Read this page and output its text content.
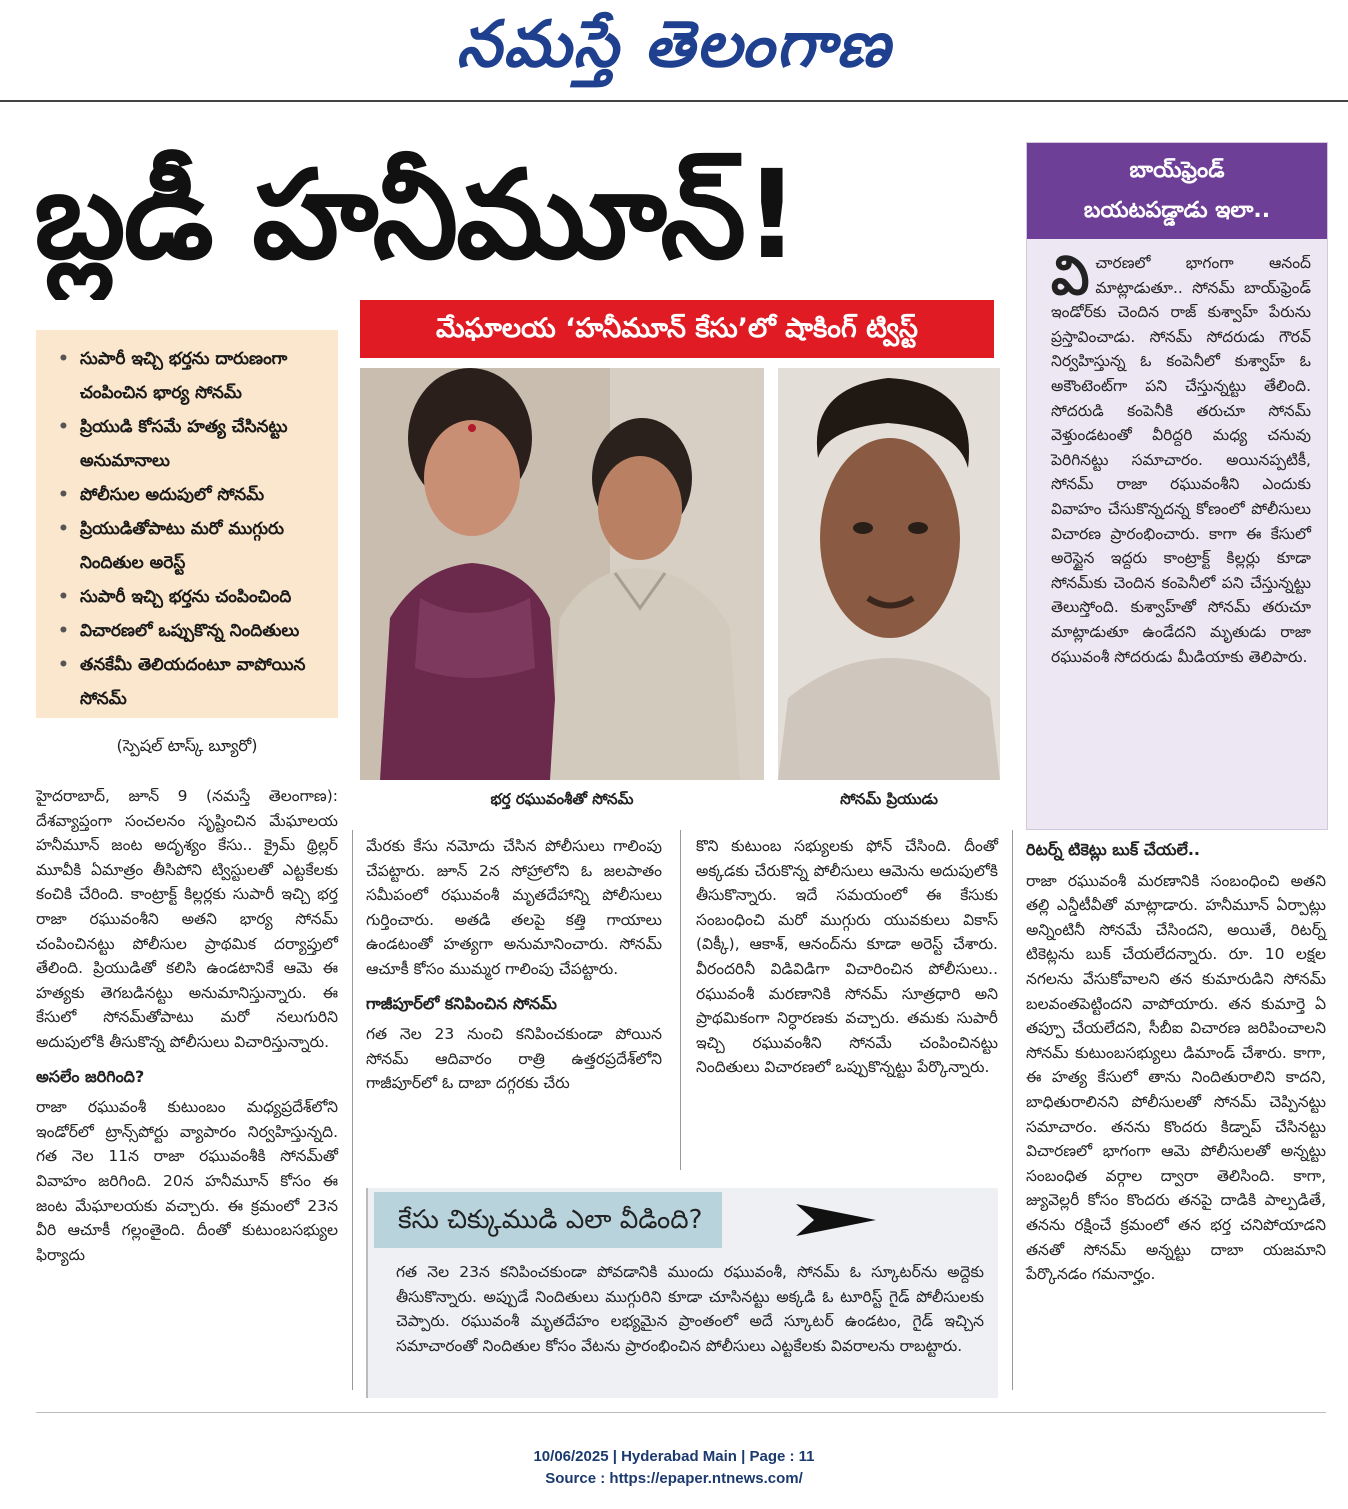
నమస్తే తెలంగాణ
బ్లడీ హనీమూన్!
మేఘాలయ ‘హనీమూన్ కేసు’లో షాకింగ్ ట్విస్ట్
• సుపారీ ఇచ్చి భర్తను దారుణంగా చంపించిన భార్య సోనమ్
• ప్రియుడి కోసమే హత్య చేసినట్టు అనుమానాలు
• పోలీసుల అదుపులో సోనమ్
• ప్రియుడితోపాటు మరో ముగ్గురు నిందితుల అరెస్ట్
• సుపారీ ఇచ్చి భర్తను చంపించింది
• విచారణలో ఒప్పుకొన్న నిందితులు
• తనకేమీ తెలియదంటూ వాపోయిన సోనమ్
(స్పెషల్ టాస్క్ బ్యూరో)
భర్త రఘువంశీతో సోనమ్	సోనమ్ ప్రియుడు

హైదరాబాద్, జూన్ 9 (నమస్తే తెలంగాణ): దేశవ్యాప్తంగా సంచలనం సృష్టించిన మేఘాలయ హనీమూన్ జంట అదృశ్యం కేసు.. క్రైమ్ థ్రిల్లర్ మూవీకి ఏమాత్రం తీసిపోని ట్విస్టులతో ఎట్టకేలకు కంచికి చేరింది. కాంట్రాక్ట్ కిల్లర్లకు సుపారీ ఇచ్చి భర్త రాజా రఘువంశీని అతని భార్య సోనమ్ చంపించినట్టు పోలీసుల ప్రాథమిక దర్యాప్తులో తేలింది. ప్రియుడితో కలిసి ఉండటానికే ఆమె ఈ హత్యకు తెగబడినట్టు అనుమానిస్తున్నారు. ఈ కేసులో సోనమ్‌తోపాటు మరో నలుగురిని అదుపులోకి తీసుకొన్న పోలీసులు విచారిస్తున్నారు.

అసలేం జరిగింది?

రాజా రఘువంశీ కుటుంబం మధ్యప్రదేశ్‌లోని ఇండోర్‌లో ట్రాన్స్‌పోర్టు వ్యాపారం నిర్వహిస్తున్నది. గత నెల 11న రాజా రఘువంశీకి సోనమ్‌తో వివాహం జరిగింది. 20న హనీమూన్ కోసం ఈ జంట మేఘాలయకు వచ్చారు. ఈ క్రమంలో 23న వీరి ఆచూకీ గల్లంతైంది. దీంతో కుటుంబసభ్యుల ఫిర్యాదు

మేరకు కేసు నమోదు చేసిన పోలీసులు గాలింపు చేపట్టారు. జూన్ 2న సోహ్రాలోని ఓ జలపాతం సమీపంలో రఘువంశీ మృతదేహాన్ని పోలీసులు గుర్తించారు. అతడి తలపై కత్తి గాయాలు ఉండటంతో హత్యగా అనుమానించారు. సోనమ్ ఆచూకీ కోసం ముమ్మర గాలింపు చేపట్టారు.

గాజీపూర్‌లో కనిపించిన సోనమ్

గత నెల 23 నుంచి కనిపించకుండా పోయిన సోనమ్ ఆదివారం రాత్రి ఉత్తరప్రదేశ్‌లోని గాజీపూర్‌లో ఓ దాబా దగ్గరకు చేరు

కొని కుటుంబ సభ్యులకు ఫోన్ చేసింది. దీంతో అక్కడకు చేరుకొన్న పోలీసులు ఆమెను అదుపులోకి తీసుకొన్నారు. ఇదే సమయంలో ఈ కేసుకు సంబంధించి మరో ముగ్గురు యువకులు వికాస్ (విక్కీ), ఆకాశ్, ఆనంద్‌ను కూడా అరెస్ట్ చేశారు. వీరందరినీ విడివిడిగా విచారించిన పోలీసులు.. రఘువంశీ మరణానికి సోనమ్ సూత్రధారి అని ప్రాథమికంగా నిర్ధారణకు వచ్చారు. తమకు సుపారీ ఇచ్చి రఘువంశీని సోనమే చంపించినట్టు నిందితులు విచారణలో ఒప్పుకొన్నట్టు పేర్కొన్నారు.

బాయ్‌ఫ్రెండ్
బయటపడ్డాడు ఇలా..
వి చారణలో భాగంగా ఆనంద్ మాట్లాడుతూ.. సోనమ్ బాయ్‌ఫ్రెండ్ ఇండోర్‌కు చెందిన రాజ్ కుశ్వాహ్ పేరును ప్రస్తావించాడు. సోనమ్ సోదరుడు గౌరవ్ నిర్వహిస్తున్న ఓ కంపెనీలో కుశ్వాహ్ ఓ అకౌంటెంట్‌గా పని చేస్తున్నట్టు తేలింది. సోదరుడి కంపెనీకి తరుచూ సోనమ్ వెళ్తుండటంతో వీరిద్దరి మధ్య చనువు పెరిగినట్టు సమాచారం. అయినప్పటికీ, సోనమ్ రాజా రఘువంశీని ఎందుకు వివాహం చేసుకొన్నదన్న కోణంలో పోలీసులు విచారణ ప్రారంభించారు. కాగా ఈ కేసులో అరెస్టైన ఇద్దరు కాంట్రాక్ట్ కిల్లర్లు కూడా సోనమ్‌కు చెందిన కంపెనీలో పని చేస్తున్నట్టు తెలుస్తోంది. కుశ్వాహ్‌తో సోనమ్ తరుచూ మాట్లాడుతూ ఉండేదని మృతుడు రాజా రఘువంశీ సోదరుడు మీడియాకు తెలిపారు.
రిటర్న్ టికెట్లు బుక్ చేయలే..

రాజా రఘువంశీ మరణానికి సంబంధించి అతని తల్లి ఎన్డీటీవీతో మాట్లాడారు. హనీమూన్ ఏర్పాట్లు అన్నింటినీ సోనమే చేసిందని, అయితే, రిటర్న్ టికెట్లను బుక్ చేయలేదన్నారు. రూ. 10 లక్షల నగలను వేసుకోవాలని తన కుమారుడిని సోనమ్ బలవంతపెట్టిందని వాపోయారు. తన కుమార్తె ఏ తప్పూ చేయలేదని, సీబీఐ విచారణ జరిపించాలని సోనమ్ కుటుంబసభ్యులు డిమాండ్ చేశారు. కాగా, ఈ హత్య కేసులో తాను నిందితురాలిని కాదని, బాధితురాలినని పోలీసులతో సోనమ్ చెప్పినట్టు సమాచారం. తనను కొందరు కిడ్నాప్ చేసినట్టు విచారణలో భాగంగా ఆమె పోలీసులతో అన్నట్టు సంబంధిత వర్గాల ద్వారా తెలిసింది. కాగా, జ్యువెల్లరీ కోసం కొందరు తనపై దాడికి పాల్పడితే, తనను రక్షించే క్రమంలో తన భర్త చనిపోయాడని తనతో సోనమ్ అన్నట్టు దాబా యజమాని పేర్కొనడం గమనార్హం.

కేసు చిక్కుముడి ఎలా వీడింది?
గత నెల 23న కనిపించకుండా పోవడానికి ముందు రఘువంశీ, సోనమ్ ఓ స్కూటర్‌ను అద్దెకు తీసుకొన్నారు. అప్పుడే నిందితులు ముగ్గురిని కూడా చూసినట్టు అక్కడి ఓ టూరిస్ట్ గైడ్ పోలీసులకు చెప్పారు. రఘువంశీ మృతదేహం లభ్యమైన ప్రాంతంలో అదే స్కూటర్ ఉండటం, గైడ్ ఇచ్చిన సమాచారంతో నిందితుల కోసం వేటను ప్రారంభించిన పోలీసులు ఎట్టకేలకు వివరాలను రాబట్టారు.
10/06/2025 | Hyderabad Main | Page : 11
Source : https://epaper.ntnews.com/
